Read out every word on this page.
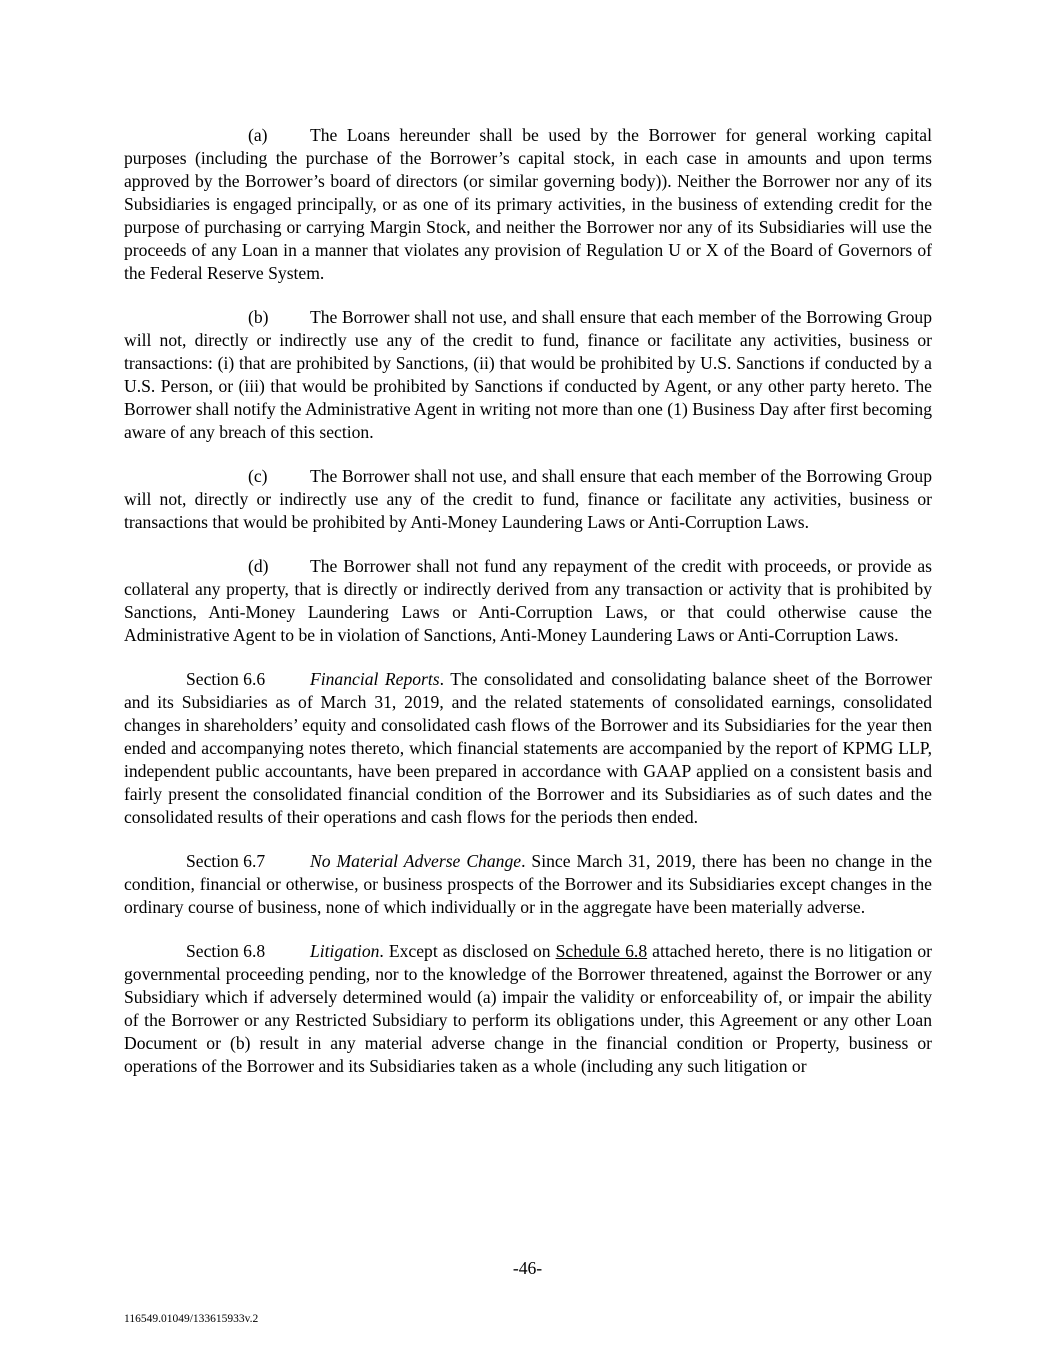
(a) The Loans hereunder shall be used by the Borrower for general working capital purposes (including the purchase of the Borrower’s capital stock, in each case in amounts and upon terms approved by the Borrower’s board of directors (or similar governing body)). Neither the Borrower nor any of its Subsidiaries is engaged principally, or as one of its primary activities, in the business of extending credit for the purpose of purchasing or carrying Margin Stock, and neither the Borrower nor any of its Subsidiaries will use the proceeds of any Loan in a manner that violates any provision of Regulation U or X of the Board of Governors of the Federal Reserve System.

(b) The Borrower shall not use, and shall ensure that each member of the Borrowing Group will not, directly or indirectly use any of the credit to fund, finance or facilitate any activities, business or transactions: (i) that are prohibited by Sanctions, (ii) that would be prohibited by U.S. Sanctions if conducted by a U.S. Person, or (iii) that would be prohibited by Sanctions if conducted by Agent, or any other party hereto. The Borrower shall notify the Administrative Agent in writing not more than one (1) Business Day after first becoming aware of any breach of this section.

(c) The Borrower shall not use, and shall ensure that each member of the Borrowing Group will not, directly or indirectly use any of the credit to fund, finance or facilitate any activities, business or transactions that would be prohibited by Anti-Money Laundering Laws or Anti-Corruption Laws.

(d) The Borrower shall not fund any repayment of the credit with proceeds, or provide as collateral any property, that is directly or indirectly derived from any transaction or activity that is prohibited by Sanctions, Anti-Money Laundering Laws or Anti-Corruption Laws, or that could otherwise cause the Administrative Agent to be in violation of Sanctions, Anti-Money Laundering Laws or Anti-Corruption Laws.

Section 6.6	Financial Reports. The consolidated and consolidating balance sheet of the Borrower and its Subsidiaries as of March 31, 2019, and the related statements of consolidated earnings, consolidated changes in shareholders’ equity and consolidated cash flows of the Borrower and its Subsidiaries for the year then ended and accompanying notes thereto, which financial statements are accompanied by the report of KPMG LLP, independent public accountants, have been prepared in accordance with GAAP applied on a consistent basis and fairly present the consolidated financial condition of the Borrower and its Subsidiaries as of such dates and the consolidated results of their operations and cash flows for the periods then ended.

Section 6.7	No Material Adverse Change. Since March 31, 2019, there has been no change in the condition, financial or otherwise, or business prospects of the Borrower and its Subsidiaries except changes in the ordinary course of business, none of which individually or in the aggregate have been materially adverse.

Section 6.8	Litigation. Except as disclosed on Schedule 6.8 attached hereto, there is no litigation or governmental proceeding pending, nor to the knowledge of the Borrower threatened, against the Borrower or any Subsidiary which if adversely determined would (a) impair the validity or enforceability of, or impair the ability of the Borrower or any Restricted Subsidiary to perform its obligations under, this Agreement or any other Loan Document or (b) result in any material adverse change in the financial condition or Property, business or operations of the Borrower and its Subsidiaries taken as a whole (including any such litigation or

-46-
116549.01049/133615933v.2
